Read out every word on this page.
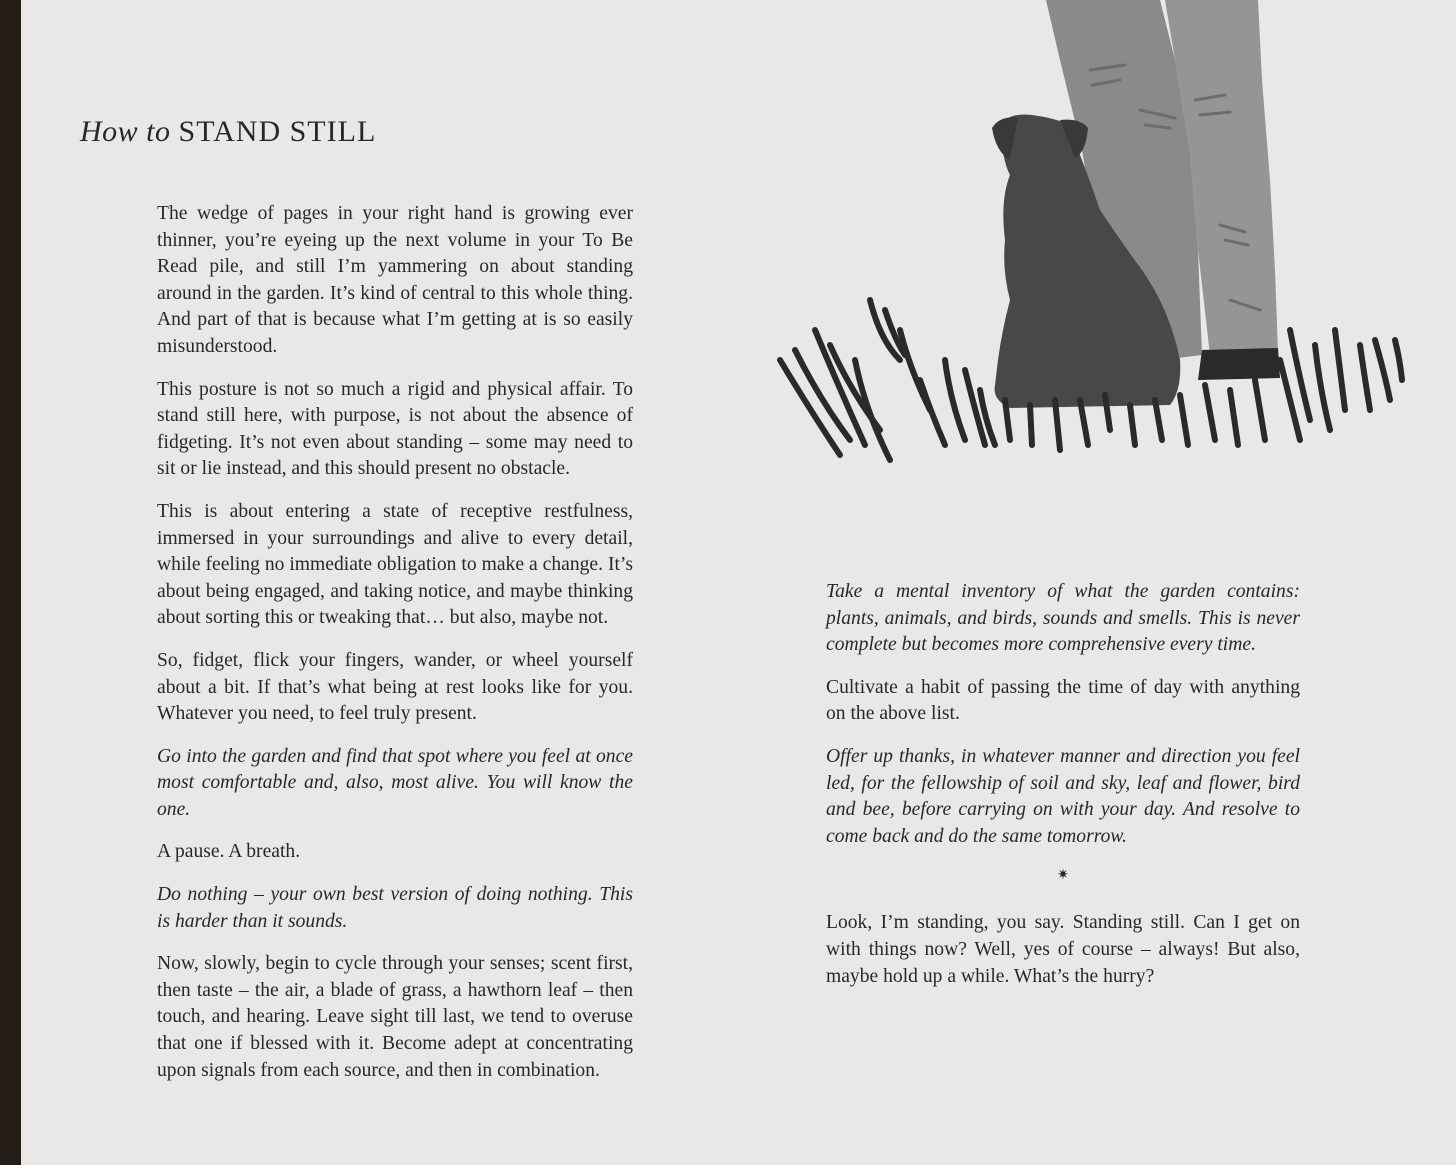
How to STAND STILL

The wedge of pages in your right hand is growing ever thinner, you’re eyeing up the next volume in your To Be Read pile, and still I’m yammering on about standing around in the garden. It’s kind of central to this whole thing. And part of that is because what I’m getting at is so easily misunderstood.

This posture is not so much a rigid and physical affair. To stand still here, with purpose, is not about the absence of fidgeting. It’s not even about standing – some may need to sit or lie instead, and this should present no obstacle.

This is about entering a state of receptive restfulness, immersed in your surroundings and alive to every detail, while feeling no immediate obligation to make a change. It’s about being engaged, and taking notice, and maybe thinking about sorting this or tweaking that… but also, maybe not.

So, fidget, flick your fingers, wander, or wheel yourself about a bit. If that’s what being at rest looks like for you. Whatever you need, to feel truly present.

Go into the garden and find that spot where you feel at once most comfortable and, also, most alive. You will know the one.

A pause. A breath.

Do nothing – your own best version of doing nothing. This is harder than it sounds.

Now, slowly, begin to cycle through your senses; scent first, then taste – the air, a blade of grass, a hawthorn leaf – then touch, and hearing. Leave sight till last, we tend to overuse that one if blessed with it. Become adept at concentrating upon signals from each source, and then in combination.

Take a mental inventory of what the garden contains: plants, animals, and birds, sounds and smells. This is never complete but becomes more comprehensive every time.

Cultivate a habit of passing the time of day with anything on the above list.

Offer up thanks, in whatever manner and direction you feel led, for the fellowship of soil and sky, leaf and flower, bird and bee, before carrying on with your day. And resolve to come back and do the same tomorrow.

✷

Look, I’m standing, you say. Standing still. Can I get on with things now? Well, yes of course – always! But also, maybe hold up a while. What’s the hurry?
